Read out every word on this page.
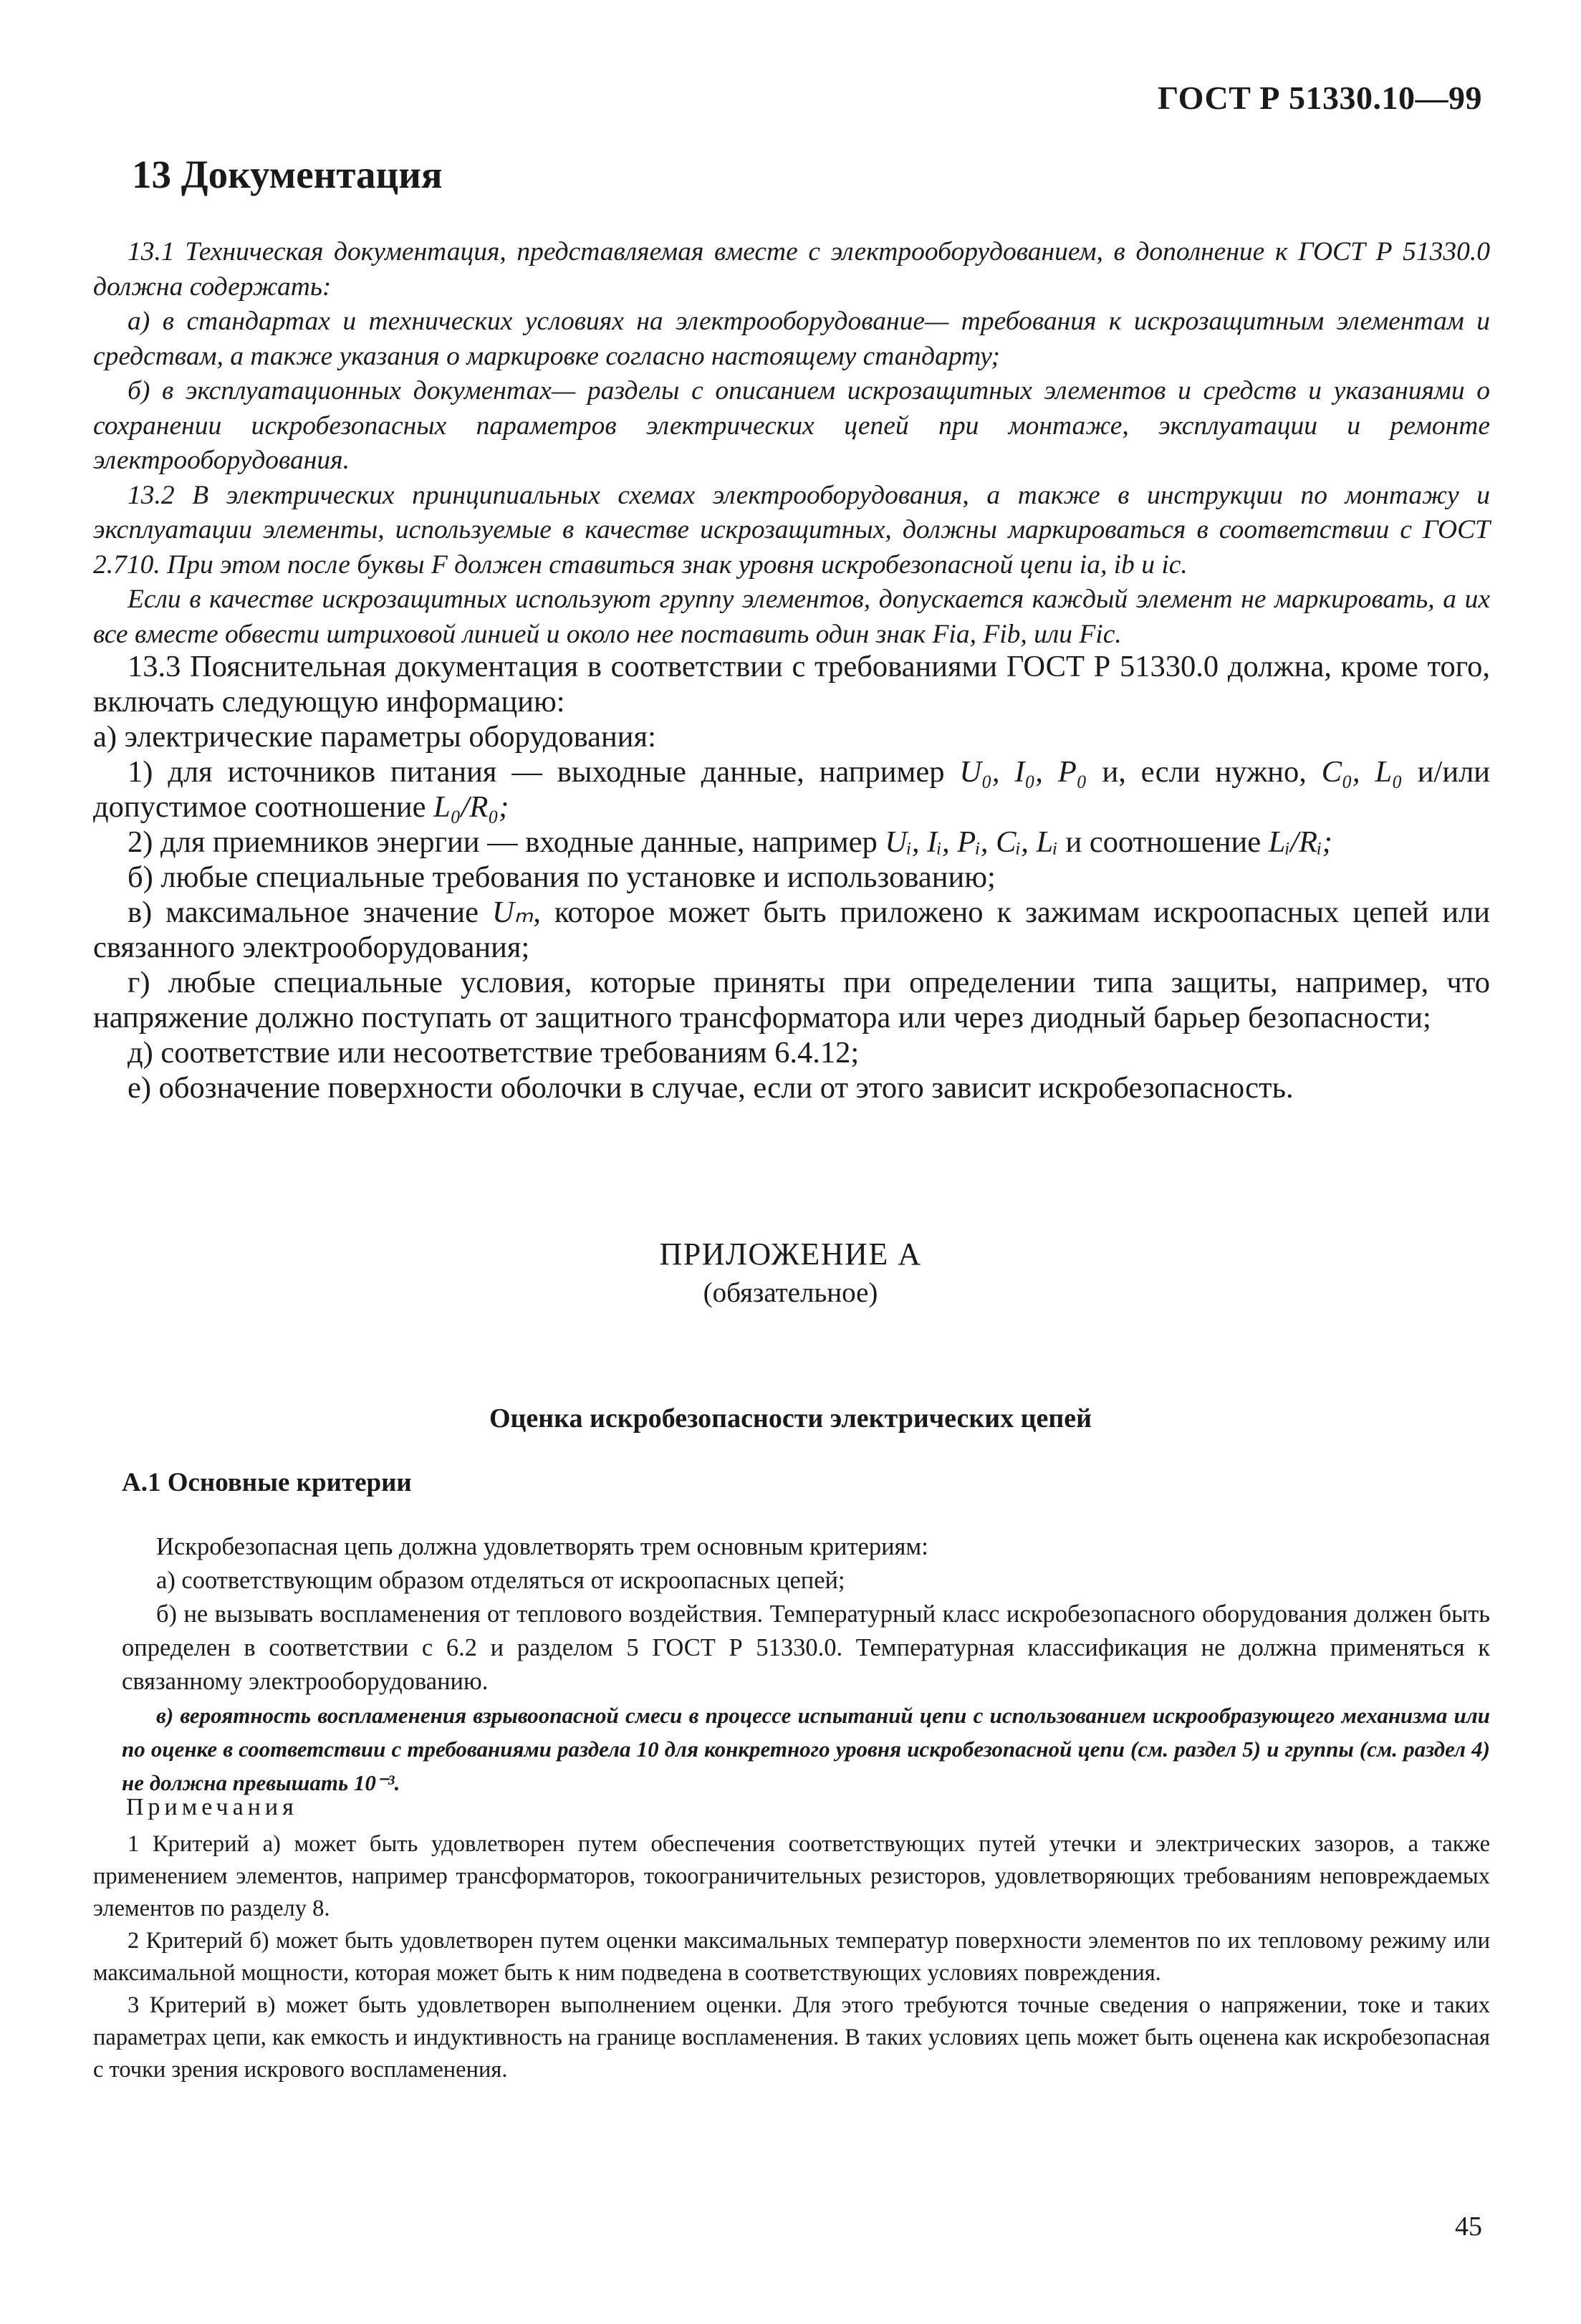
ГОСТ Р 51330.10—99
13 Документация

13.1 Техническая документация, представляемая вместе с электрооборудованием, в дополнение к ГОСТ Р 51330.0 должна содержать:

а) в стандартах и технических условиях на электрооборудование— требования к искрозащитным элементам и средствам, а также указания о маркировке согласно настоящему стандарту;

б) в эксплуатационных документах— разделы с описанием искрозащитных элементов и средств и указаниями о сохранении искробезопасных параметров электрических цепей при монтаже, эксплуатации и ремонте электрооборудования.

13.2 В электрических принципиальных схемах электрооборудования, а также в инструкции по монтажу и эксплуатации элементы, используемые в качестве искрозащитных, должны маркироваться в соответствии с ГОСТ 2.710. При этом после буквы F должен ставиться знак уровня искробезопасной цепи ia, ib и ic.

Если в качестве искрозащитных используют группу элементов, допускается каждый элемент не маркировать, а их все вместе обвести штриховой линией и около нее поставить один знак Fia, Fib, или Fic.

13.3 Пояснительная документация в соответствии с требованиями ГОСТ Р 51330.0 должна, кроме того, включать следующую информацию:

а) электрические параметры оборудования:

1) для источников питания — выходные данные, например U₀, I₀, P₀ и, если нужно, C₀, L₀ и/или допустимое соотношение L₀/R₀;

2) для приемников энергии — входные данные, например Uᵢ, Iᵢ, Pᵢ, Cᵢ, Lᵢ и соотношение Lᵢ/Rᵢ;

б) любые специальные требования по установке и использованию;

в) максимальное значение Uₘ, которое может быть приложено к зажимам искроопасных цепей или связанного электрооборудования;

г) любые специальные условия, которые приняты при определении типа защиты, например, что напряжение должно поступать от защитного трансформатора или через диодный барьер безопасности;

д) соответствие или несоответствие требованиям 6.4.12;

е) обозначение поверхности оболочки в случае, если от этого зависит искробезопасность.

ПРИЛОЖЕНИЕ А
(обязательное)
Оценка искробезопасности электрических цепей
А.1 Основные критерии

Искробезопасная цепь должна удовлетворять трем основным критериям:

а) соответствующим образом отделяться от искроопасных цепей;

б) не вызывать воспламенения от теплового воздействия. Температурный класс искробезопасного оборудования должен быть определен в соответствии с 6.2 и разделом 5 ГОСТ Р 51330.0. Температурная классификация не должна применяться к связанному электрооборудованию.

в) вероятность воспламенения взрывоопасной смеси в процессе испытаний цепи с использованием искрообразующего механизма или по оценке в соответствии с требованиями раздела 10 для конкретного уровня искробезопасной цепи (см. раздел 5) и группы (см. раздел 4) не должна превышать 10⁻³.

Примечания

1 Критерий а) может быть удовлетворен путем обеспечения соответствующих путей утечки и электрических зазоров, а также применением элементов, например трансформаторов, токоограничительных резисторов, удовлетворяющих требованиям неповреждаемых элементов по разделу 8.

2 Критерий б) может быть удовлетворен путем оценки максимальных температур поверхности элементов по их тепловому режиму или максимальной мощности, которая может быть к ним подведена в соответствующих условиях повреждения.

3 Критерий в) может быть удовлетворен выполнением оценки. Для этого требуются точные сведения о напряжении, токе и таких параметрах цепи, как емкость и индуктивность на границе воспламенения. В таких условиях цепь может быть оценена как искробезопасная с точки зрения искрового воспламенения.

45
